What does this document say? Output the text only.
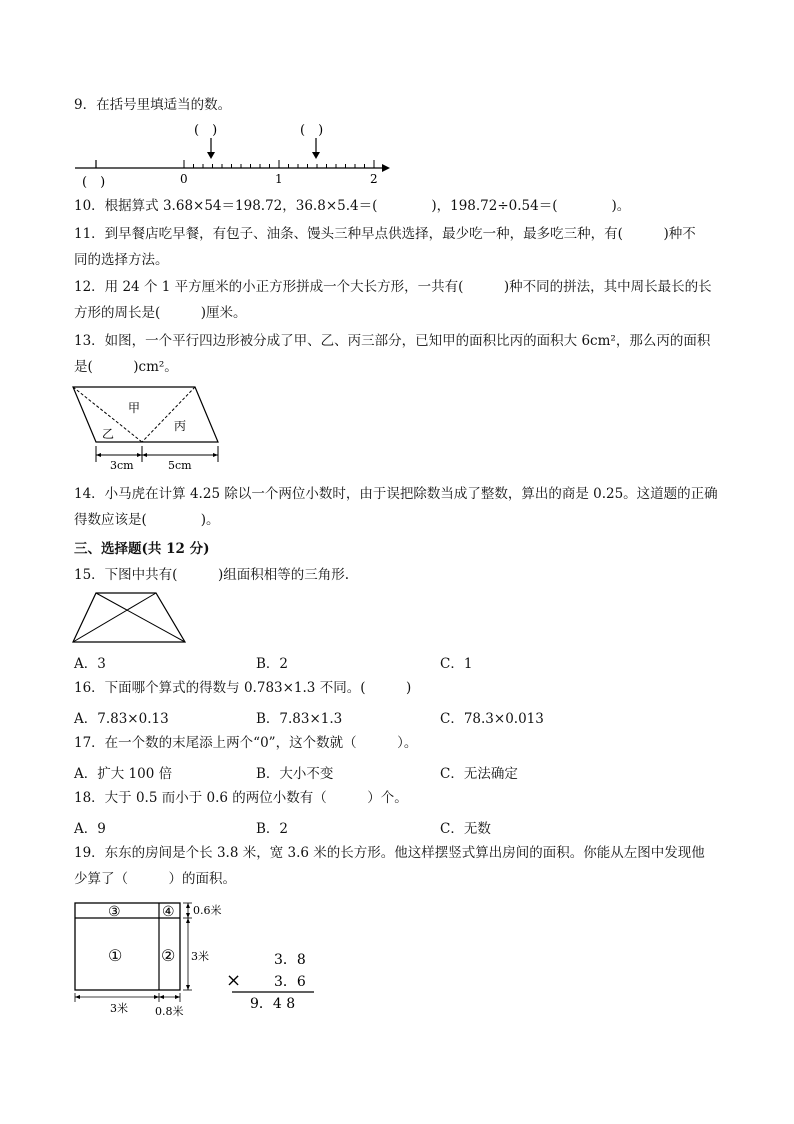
9．在括号里填适当的数。
(　)	(　)
0	1	2
(　)
10．根据算式 3.68×54＝198.72，36.8×5.4＝(　　　　)，198.72÷0.54＝(　　　　)。
11．到早餐店吃早餐，有包子、油条、馒头三种早点供选择，最少吃一种，最多吃三种，有(　　　)种不
同的选择方法。
12．用 24 个 1 平方厘米的小正方形拼成一个大长方形，一共有(　　　)种不同的拼法，其中周长最长的长
方形的周长是(　　　)厘米。
13．如图，一个平行四边形被分成了甲、乙、丙三部分，已知甲的面积比丙的面积大 6cm²，那么丙的面积
是(　　　)cm²。
甲
乙
丙
3cm	5cm
14．小马虎在计算 4.25 除以一个两位小数时，由于误把除数当成了整数，算出的商是 0.25。这道题的正确
得数应该是(　　　　)。
三、选择题(共 12 分)
15．下图中共有(　　　)组面积相等的三角形.
A．3	B．2	C．1
16．下面哪个算式的得数与 0.783×1.3 不同。(　　　)
A．7.83×0.13	B．7.83×1.3	C．78.3×0.013
17．在一个数的末尾添上两个“0”，这个数就（　　　）。
A．扩大 100 倍	B．大小不变	C．无法确定
18．大于 0.5 而小于 0.6 的两位小数有（　　　）个。
A．9	B．2	C．无数
19．东东的房间是个长 3.8 米，宽 3.6 米的长方形。他这样摆竖式算出房间的面积。你能从左图中发现他
少算了（　　　）的面积。
③	④
① ②
0.6米
3米
3米 0.8米
3．8
× 3．6
9．4 8
